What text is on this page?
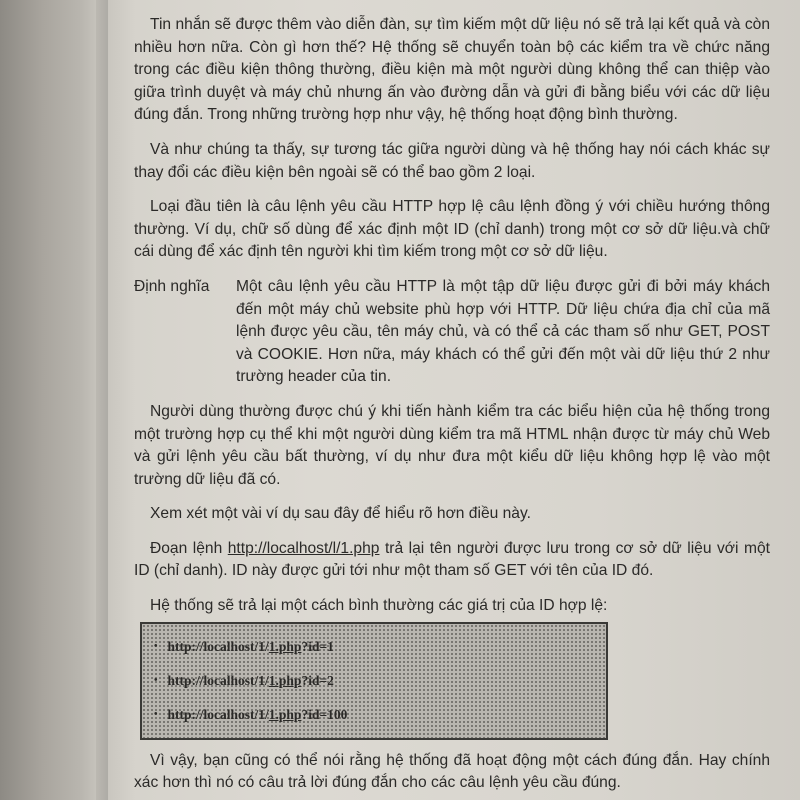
Tin nhắn sẽ được thêm vào diễn đàn, sự tìm kiếm một dữ liệu nó sẽ trả lại kết quả và còn nhiều hơn nữa. Còn gì hơn thế? Hệ thống sẽ chuyển toàn bộ các kiểm tra về chức năng trong các điều kiện thông thường, điều kiện mà một người dùng không thể can thiệp vào giữa trình duyệt và máy chủ nhưng ấn vào đường dẫn và gửi đi bằng biểu với các dữ liệu đúng đắn. Trong những trường hợp như vậy, hệ thống hoạt động bình thường.

Và như chúng ta thấy, sự tương tác giữa người dùng và hệ thống hay nói cách khác sự thay đổi các điều kiện bên ngoài sẽ có thể bao gồm 2 loại.

Loại đầu tiên là câu lệnh yêu cầu HTTP hợp lệ câu lệnh đồng ý với chiều hướng thông thường. Ví dụ, chữ số dùng để xác định một ID (chỉ danh) trong một cơ sở dữ liệu.và chữ cái dùng để xác định tên người khi tìm kiếm trong một cơ sở dữ liệu.

Định nghĩa	Một câu lệnh yêu cầu HTTP là một tập dữ liệu được gửi đi bởi máy khách đến một máy chủ website phù hợp với HTTP. Dữ liệu chứa địa chỉ của mã lệnh được yêu cầu, tên máy chủ, và có thể cả các tham số như GET, POST và COOKIE. Hơn nữa, máy khách có thể gửi đến một vài dữ liệu thứ 2 như trường header của tin.

Người dùng thường được chú ý khi tiến hành kiểm tra các biểu hiện của hệ thống trong một trường hợp cụ thể khi một người dùng kiểm tra mã HTML nhận được từ máy chủ Web và gửi lệnh yêu cầu bất thường, ví dụ như đưa một kiểu dữ liệu không hợp lệ vào một trường dữ liệu đã có.

Xem xét một vài ví dụ sau đây để hiểu rõ hơn điều này.

Đoạn lệnh http://localhost/l/1.php trả lại tên người được lưu trong cơ sở dữ liệu với một ID (chỉ danh). ID này được gửi tới như một tham số GET với tên của ID đó.

Hệ thống sẽ trả lại một cách bình thường các giá trị của ID hợp lệ:

• http://localhost/1/1.php?id=1
• http://localhost/1/1.php?id=2
• http://localhost/1/1.php?id=100

Vì vậy, bạn cũng có thể nói rằng hệ thống đã hoạt động một cách đúng đắn. Hay chính xác hơn thì nó có câu trả lời đúng đắn cho các câu lệnh yêu cầu đúng.
